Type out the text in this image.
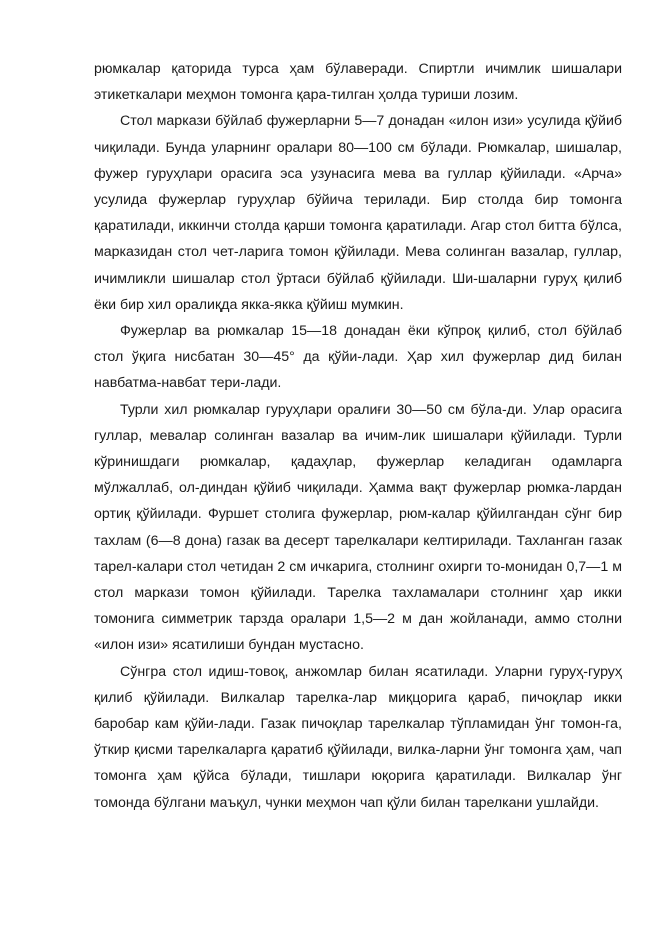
рюмкалар қаторида турса ҳам бўлаверади. Спиртли ичимлик шишалари этикеткалари меҳмон томонга қара-тилган ҳолда туриши лозим.

Стол маркази бўйлаб фужерларни 5—7 донадан «илон изи» усулида қўйиб чиқилади. Бунда уларнинг оралари 80—100 см бўлади. Рюмкалар, шишалар, фужер гуруҳлари орасига эса узунасига мева ва гуллар қўйилади. «Арча» усулида фужерлар гуруҳлар бўйича терилади. Бир столда бир томонга қаратилади, иккинчи столда қарши томонга қаратилади. Агар стол битта бўлса, марказидан стол чет-ларига томон қўйилади. Мева солинган вазалар, гуллар, ичимликли шишалар стол ўртаси бўйлаб қўйилади. Ши-шаларни гуруҳ қилиб ёки бир хил оралиқда якка-якка қўйиш мумкин.

Фужерлар ва рюмкалар 15—18 донадан ёки кўпроқ қилиб, стол бўйлаб стол ўқига нисбатан 30—45° да қўйи-лади. Ҳар хил фужерлар дид билан навбатма-навбат тери-лади.

Турли хил рюмкалар гуруҳлари оралиғи 30—50 см бўла-ди. Улар орасига гуллар, мевалар солинган вазалар ва ичим-лик шишалари қўйилади. Турли кўринишдаги рюмкалар, қадаҳлар, фужерлар келадиган одамларга мўлжаллаб, ол-диндан қўйиб чиқилади. Ҳамма вақт фужерлар рюмка-лардан ортиқ қўйилади. Фуршет столига фужерлар, рюм-калар қўйилгандан сўнг бир тахлам (6—8 дона) газак ва десерт тарелкалари келтирилади. Тахланган газак тарел-калари стол четидан 2 см ичкарига, столнинг охирги то-монидан 0,7—1 м стол маркази томон қўйилади. Тарелка тахламалари столнинг ҳар икки томонига симметрик тарзда оралари 1,5—2 м дан жойланади, аммо столни «илон изи» ясатилиши бундан мустасно.

Сўнгра стол идиш-товоқ, анжомлар билан ясатилади. Уларни гуруҳ-гуруҳ қилиб қўйилади. Вилкалар тарелка-лар миқцорига қараб, пичоқлар икки баробар кам қўйи-лади. Газак пичоқлар тарелкалар тўпламидан ўнг томон-га, ўткир қисми тарелкаларга қаратиб қўйилади, вилка-ларни ўнг томонга ҳам, чап томонга ҳам қўйса бўлади, тишлари юқорига қаратилади. Вилкалар ўнг томонда бўлгани маъқул, чунки меҳмон чап қўли билан тарелкани ушлайди.
